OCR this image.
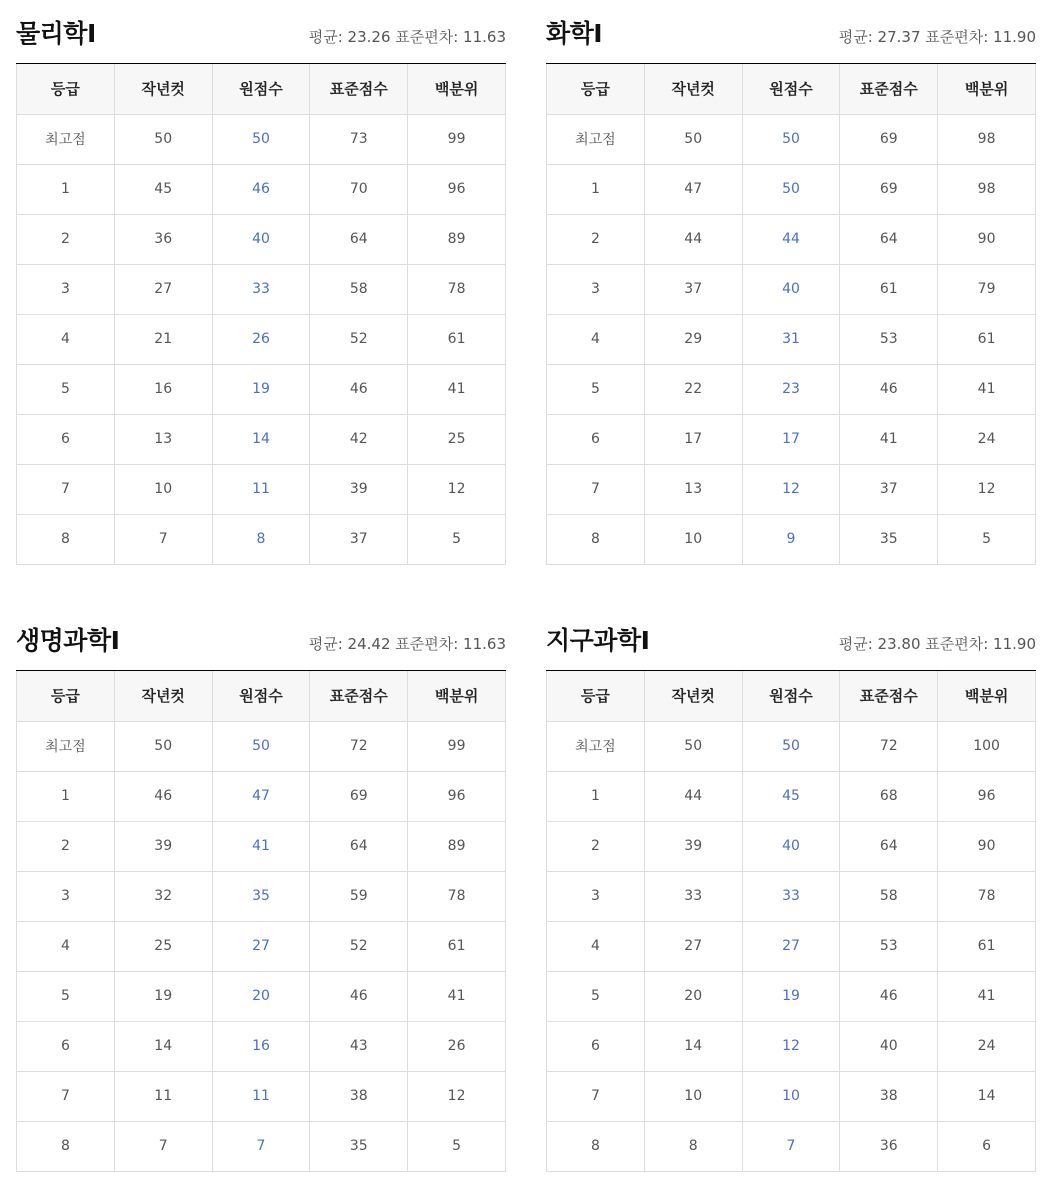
물리학Ⅰ	평균: 23.26 표준편차: 11.63
등급	작년컷	원점수	표준점수	백분위
최고점	50	50	73	99
1	45	46	70	96
2	36	40	64	89
3	27	33	58	78
4	21	26	52	61
5	16	19	46	41
6	13	14	42	25
7	10	11	39	12
8	7	8	37	5
화학Ⅰ	평균: 27.37 표준편차: 11.90
등급	작년컷	원점수	표준점수	백분위
최고점	50	50	69	98
1	47	50	69	98
2	44	44	64	90
3	37	40	61	79
4	29	31	53	61
5	22	23	46	41
6	17	17	41	24
7	13	12	37	12
8	10	9	35	5
생명과학Ⅰ	평균: 24.42 표준편차: 11.63
등급	작년컷	원점수	표준점수	백분위
최고점	50	50	72	99
1	46	47	69	96
2	39	41	64	89
3	32	35	59	78
4	25	27	52	61
5	19	20	46	41
6	14	16	43	26
7	11	11	38	12
8	7	7	35	5
지구과학Ⅰ	평균: 23.80 표준편차: 11.90
등급	작년컷	원점수	표준점수	백분위
최고점	50	50	72	100
1	44	45	68	96
2	39	40	64	90
3	33	33	58	78
4	27	27	53	61
5	20	19	46	41
6	14	12	40	24
7	10	10	38	14
8	8	7	36	6
